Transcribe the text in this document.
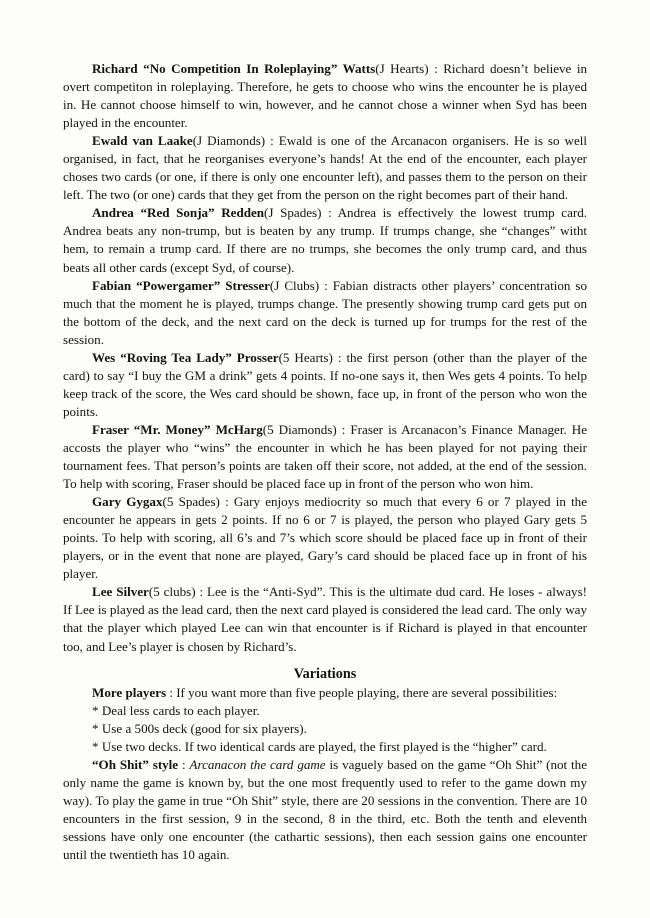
Richard “No Competition In Roleplaying” Watts(J Hearts) : Richard doesn’t believe in overt competiton in roleplaying. Therefore, he gets to choose who wins the encounter he is played in. He cannot choose himself to win, however, and he cannot chose a winner when Syd has been played in the encounter.

Ewald van Laake(J Diamonds) : Ewald is one of the Arcanacon organisers. He is so well organised, in fact, that he reorganises everyone’s hands! At the end of the encounter, each player choses two cards (or one, if there is only one encounter left), and passes them to the person on their left. The two (or one) cards that they get from the person on the right becomes part of their hand.

Andrea “Red Sonja” Redden(J Spades) : Andrea is effectively the lowest trump card. Andrea beats any non-trump, but is beaten by any trump. If trumps change, she “changes” witht hem, to remain a trump card. If there are no trumps, she becomes the only trump card, and thus beats all other cards (except Syd, of course).

Fabian “Powergamer” Stresser(J Clubs) : Fabian distracts other players’ concentration so much that the moment he is played, trumps change. The presently showing trump card gets put on the bottom of the deck, and the next card on the deck is turned up for trumps for the rest of the session.

Wes “Roving Tea Lady” Prosser(5 Hearts) : the first person (other than the player of the card) to say “I buy the GM a drink” gets 4 points. If no-one says it, then Wes gets 4 points. To help keep track of the score, the Wes card should be shown, face up, in front of the person who won the points.

Fraser “Mr. Money” McHarg(5 Diamonds) : Fraser is Arcanacon’s Finance Manager. He accosts the player who “wins” the encounter in which he has been played for not paying their tournament fees. That person’s points are taken off their score, not added, at the end of the session. To help with scoring, Fraser should be placed face up in front of the person who won him.

Gary Gygax(5 Spades) : Gary enjoys mediocrity so much that every 6 or 7 played in the encounter he appears in gets 2 points. If no 6 or 7 is played, the person who played Gary gets 5 points. To help with scoring, all 6’s and 7’s which score should be placed face up in front of their players, or in the event that none are played, Gary’s card should be placed face up in front of his player.

Lee Silver(5 clubs) : Lee is the “Anti-Syd”. This is the ultimate dud card. He loses - always! If Lee is played as the lead card, then the next card played is considered the lead card. The only way that the player which played Lee can win that encounter is if Richard is played in that encounter too, and Lee’s player is chosen by Richard’s.

Variations

More players : If you want more than five people playing, there are several possibilities:

* Deal less cards to each player.

* Use a 500s deck (good for six players).

* Use two decks. If two identical cards are played, the first played is the “higher” card.

“Oh Shit” style : Arcanacon the card game is vaguely based on the game “Oh Shit” (not the only name the game is known by, but the one most frequently used to refer to the game down my way). To play the game in true “Oh Shit” style, there are 20 sessions in the convention. There are 10 encounters in the first session, 9 in the second, 8 in the third, etc. Both the tenth and eleventh sessions have only one encounter (the cathartic sessions), then each session gains one encounter until the twentieth has 10 again.
